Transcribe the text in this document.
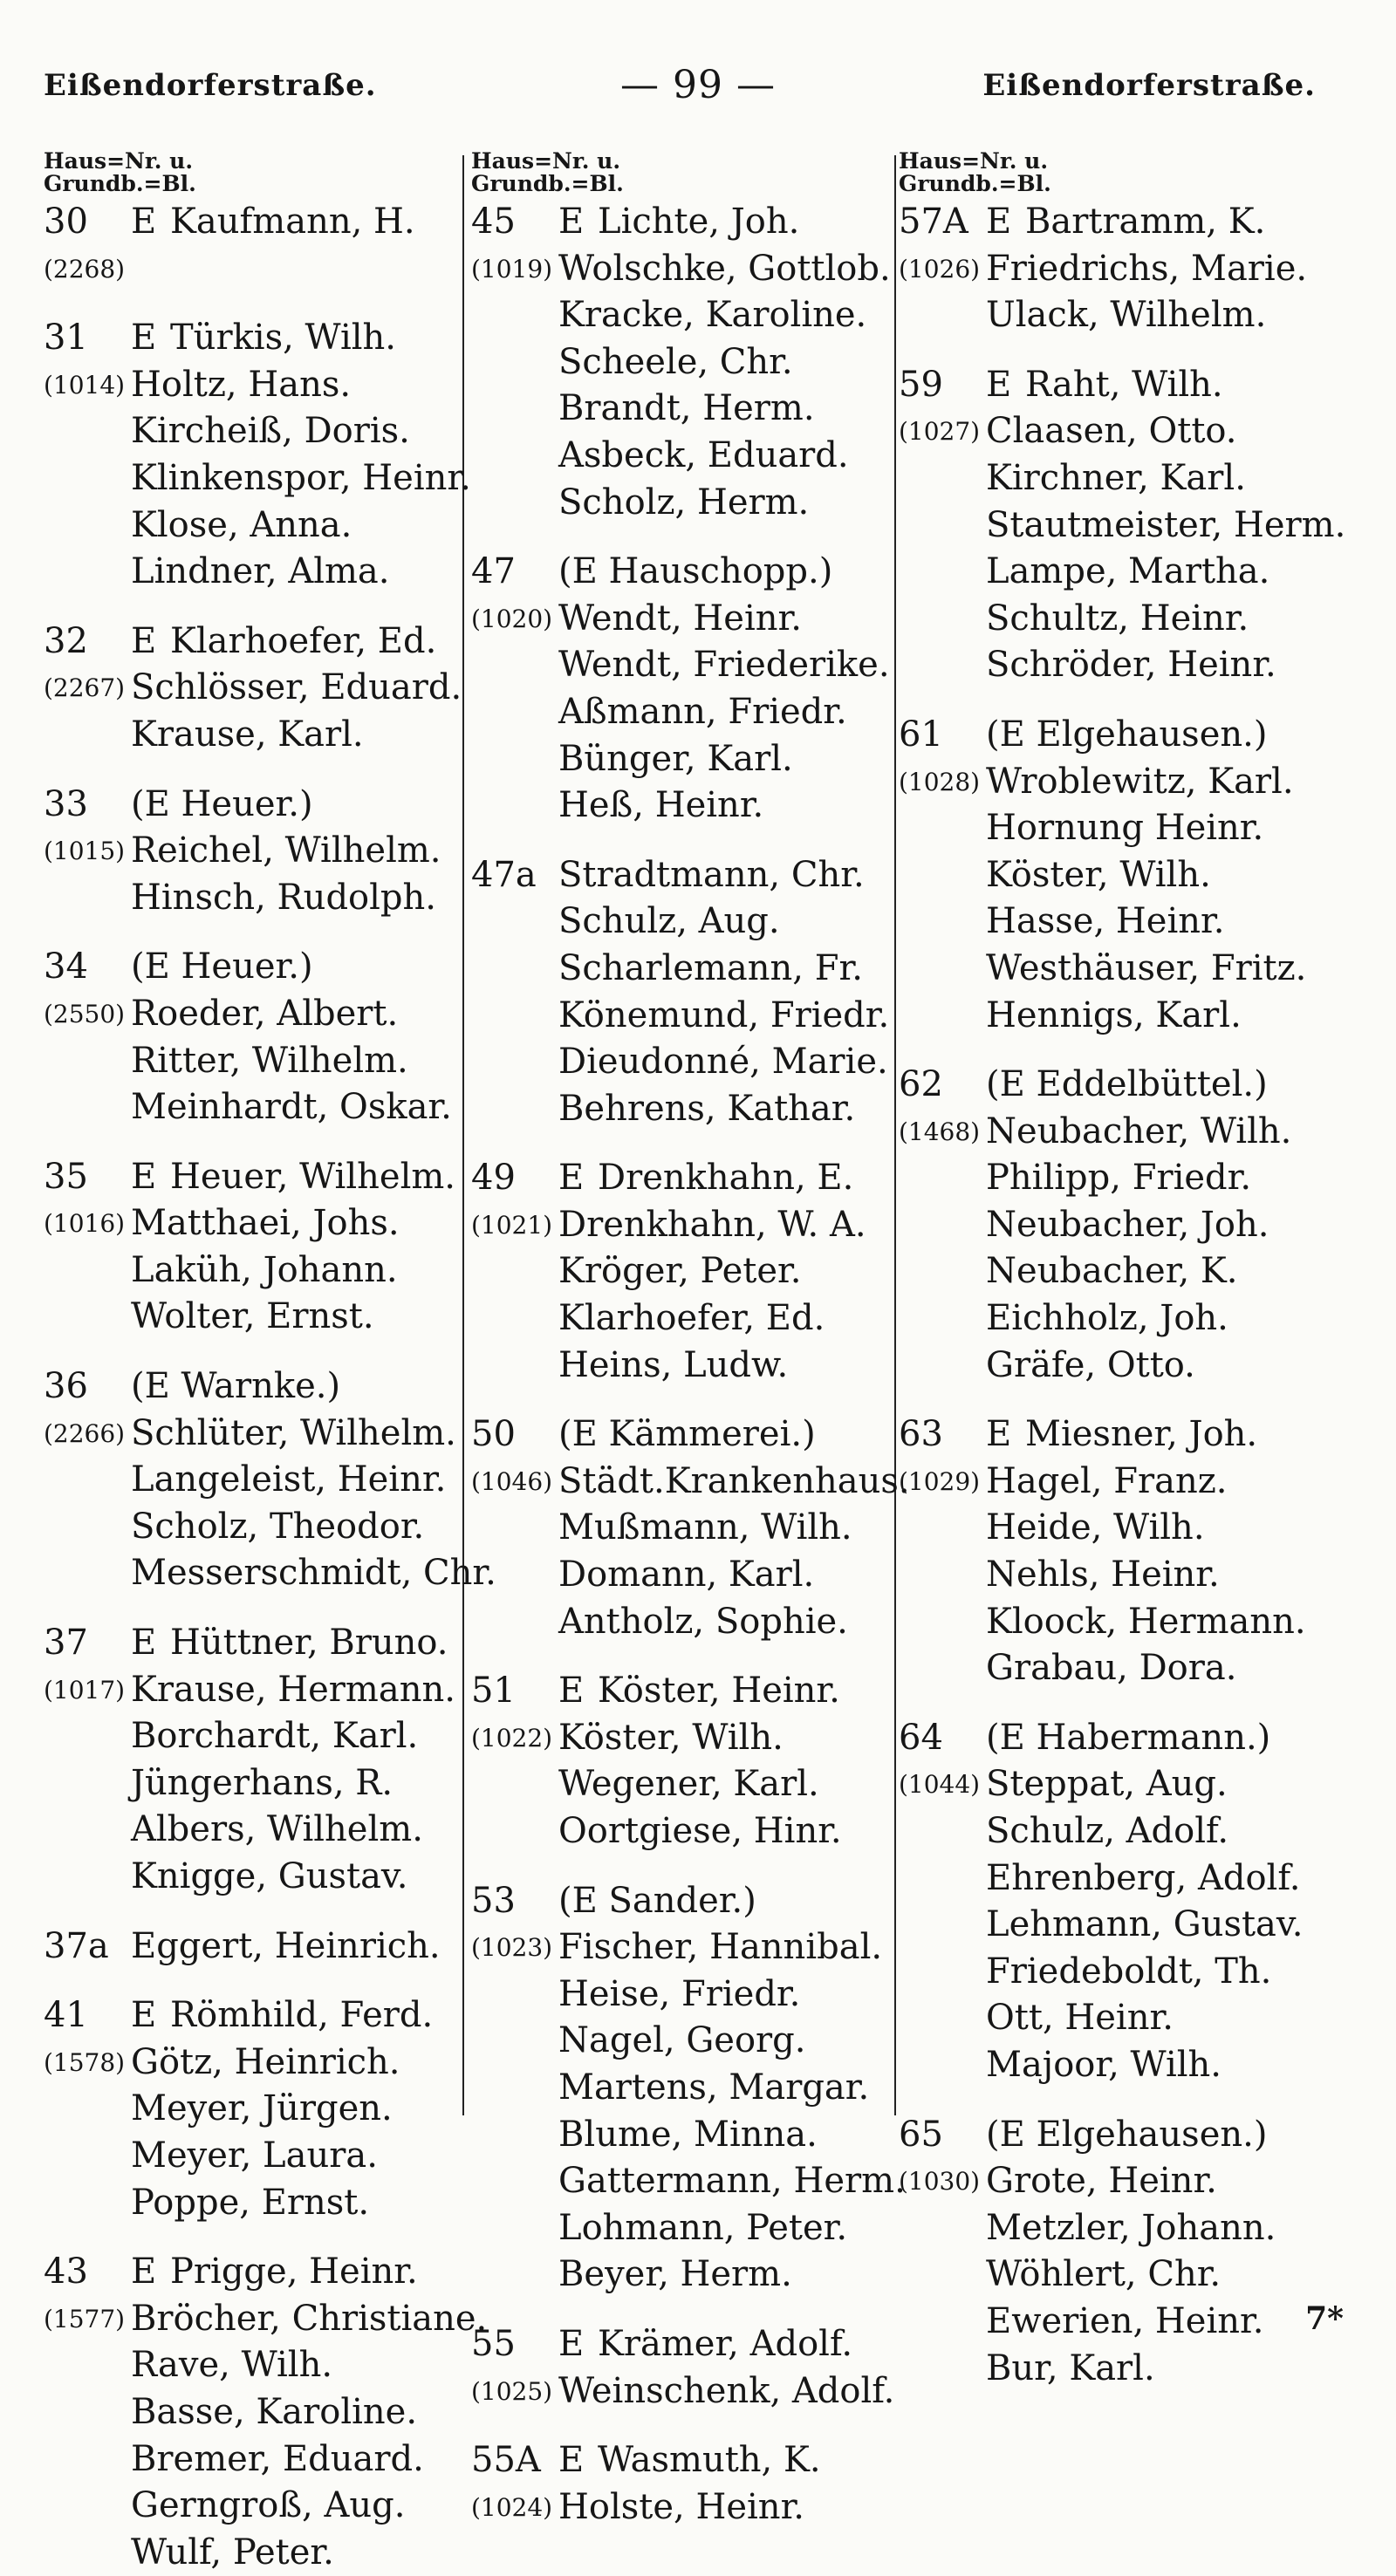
Eißendorferstraße.	— 99 —	Eißendorferstraße.
Haus=Nr. u.
Grundb.=Bl.
30 E Kaufmann, H.
(2268)
31 E Türkis, Wilh.
(1014) Holtz, Hans.
Kircheiß, Doris.
Klinkenspor, Heinr.
Klose, Anna.
Lindner, Alma.
32 E Klarhoefer, Ed.
(2267) Schlösser, Eduard.
Krause, Karl.
33 (E Heuer.)
(1015) Reichel, Wilhelm.
Hinsch, Rudolph.
34 (E Heuer.)
(2550) Roeder, Albert.
Ritter, Wilhelm.
Meinhardt, Oskar.
35 E Heuer, Wilhelm.
(1016) Matthaei, Johs.
Laküh, Johann.
Wolter, Ernst.
36 (E Warnke.)
(2266) Schlüter, Wilhelm.
Langeleist, Heinr.
Scholz, Theodor.
Messerschmidt, Chr.
37 E Hüttner, Bruno.
(1017) Krause, Hermann.
Borchardt, Karl.
Jüngerhans, R.
Albers, Wilhelm.
Knigge, Gustav.
37a Eggert, Heinrich.
41 E Römhild, Ferd.
(1578) Götz, Heinrich.
Meyer, Jürgen.
Meyer, Laura.
Poppe, Ernst.
43 E Prigge, Heinr.
(1577) Bröcher, Christiane.
Rave, Wilh.
Basse, Karoline.
Bremer, Eduard.
Gerngroß, Aug.
Wulf, Peter.
Haus=Nr. u.
Grundb.=Bl.
45 E Lichte, Joh.
(1019) Wolschke, Gottlob.
Kracke, Karoline.
Scheele, Chr.
Brandt, Herm.
Asbeck, Eduard.
Scholz, Herm.
47 (E Hauschopp.)
(1020) Wendt, Heinr.
Wendt, Friederike.
Aßmann, Friedr.
Bünger, Karl.
Heß, Heinr.
47a Stradtmann, Chr.
Schulz, Aug.
Scharlemann, Fr.
Könemund, Friedr.
Dieudonné, Marie.
Behrens, Kathar.
49 E Drenkhahn, E.
(1021) Drenkhahn, W. A.
Kröger, Peter.
Klarhoefer, Ed.
Heins, Ludw.
50 (E Kämmerei.)
(1046) Städt.Krankenhaus.
Mußmann, Wilh.
Domann, Karl.
Antholz, Sophie.
51 E Köster, Heinr.
(1022) Köster, Wilh.
Wegener, Karl.
Oortgiese, Hinr.
53 (E Sander.)
(1023) Fischer, Hannibal.
Heise, Friedr.
Nagel, Georg.
Martens, Margar.
Blume, Minna.
Gattermann, Herm.
Lohmann, Peter.
Beyer, Herm.
55 E Krämer, Adolf.
(1025) Weinschenk, Adolf.
55A E Wasmuth, K.
(1024) Holste, Heinr.
Haus=Nr. u.
Grundb.=Bl.
57A E Bartramm, K.
(1026) Friedrichs, Marie.
Ulack, Wilhelm.
59 E Raht, Wilh.
(1027) Claasen, Otto.
Kirchner, Karl.
Stautmeister, Herm.
Lampe, Martha.
Schultz, Heinr.
Schröder, Heinr.
61 (E Elgehausen.)
(1028) Wroblewitz, Karl.
Hornung Heinr.
Köster, Wilh.
Hasse, Heinr.
Westhäuser, Fritz.
Hennigs, Karl.
62 (E Eddelbüttel.)
(1468) Neubacher, Wilh.
Philipp, Friedr.
Neubacher, Joh.
Neubacher, K.
Eichholz, Joh.
Gräfe, Otto.
63 E Miesner, Joh.
(1029) Hagel, Franz.
Heide, Wilh.
Nehls, Heinr.
Kloock, Hermann.
Grabau, Dora.
64 (E Habermann.)
(1044) Steppat, Aug.
Schulz, Adolf.
Ehrenberg, Adolf.
Lehmann, Gustav.
Friedeboldt, Th.
Ott, Heinr.
Majoor, Wilh.
65 (E Elgehausen.)
(1030) Grote, Heinr.
Metzler, Johann.
Wöhlert, Chr.
Ewerien, Heinr.
Bur, Karl.
7*
